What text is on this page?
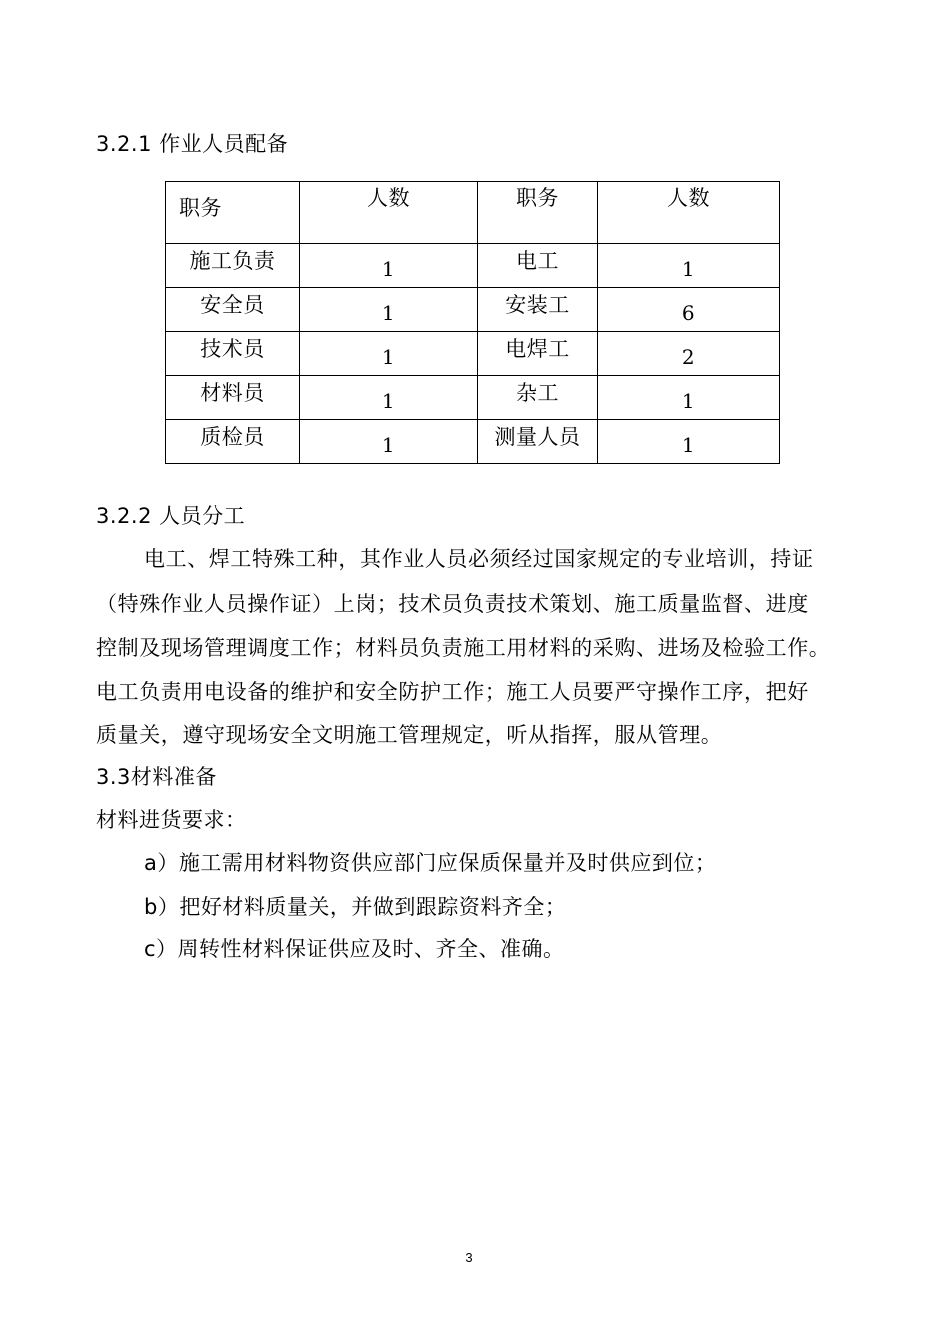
3.2.1 作业人员配备
职务	人数	职务	人数

施工负责	1	电工	1

安全员	1	安装工	6

技术员	1	电焊工	2

材料员	1	杂工	1

质检员	1	测量人员	1
3.2.2 人员分工
电工、焊工特殊工种，其作业人员必须经过国家规定的专业培训，持证
（特殊作业人员操作证）上岗；技术员负责技术策划、施工质量监督、进度
控制及现场管理调度工作；材料员负责施工用材料的采购、进场及检验工作。
电工负责用电设备的维护和安全防护工作；施工人员要严守操作工序，把好
质量关，遵守现场安全文明施工管理规定，听从指挥，服从管理。
3.3材料准备
材料进货要求：
a）施工需用材料物资供应部门应保质保量并及时供应到位；
b）把好材料质量关，并做到跟踪资料齐全；
c）周转性材料保证供应及时、齐全、准确。
3
